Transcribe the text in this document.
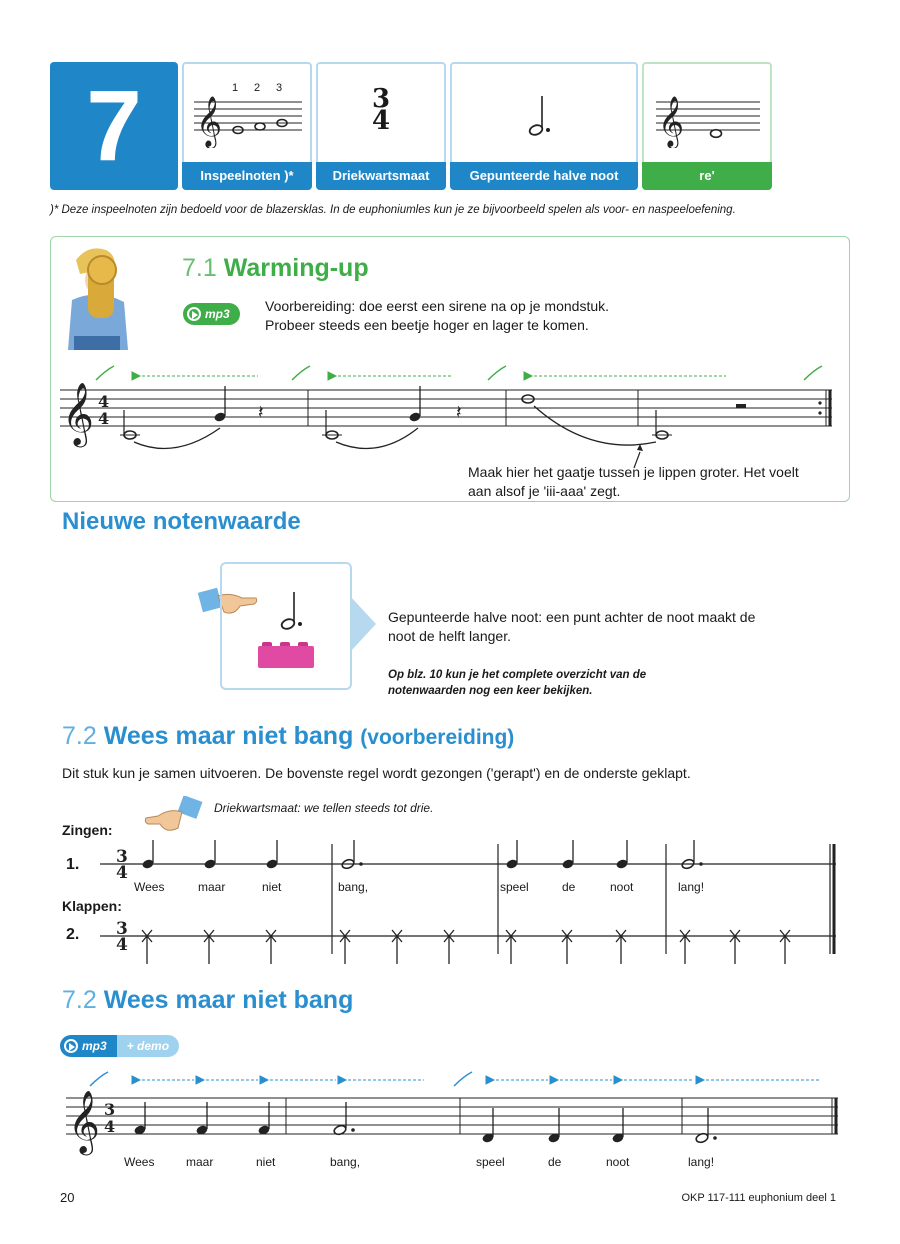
7	𝄞
1 2 3
Inspeelnoten )*
3
4
Driekwartsmaat	Gepunteerde halve noot
𝄞
re'
)* Deze inspeelnoten zijn bedoeld voor de blazersklas. In de euphoniumles kun je ze bijvoorbeeld spelen als voor- en naspeeloefening.
7.1 Warming-up
mp3	Voorbereiding: doe eerst een sirene na op je mondstuk.
Probeer steeds een beetje hoger en lager te komen.
𝄞 4
4	𝄽	𝄽
Maak hier het gaatje tussen je lippen groter. Het voelt
aan alsof je 'iii-aaa' zegt.
Nieuwe notenwaarde
Gepunteerde halve noot: een punt achter de noot maakt de
noot de helft langer.
Op blz. 10 kun je het complete overzicht van de
notenwaarden nog een keer bekijken.
7.2 Wees maar niet bang (voorbereiding)
Dit stuk kun je samen uitvoeren. De bovenste regel wordt gezongen ('gerapt') en de onderste geklapt.
Driekwartsmaat: we tellen steeds tot drie.
Zingen:
1.
Klappen:
2.
3
4
3
4
Wees	maar	niet	bang,	speel	de	noot	lang!
7.2 Wees maar niet bang
mp3	+ demo
𝄞 3
4
Wees	maar	niet	bang,	speel	de	noot	lang!
20	OKP 117-111 euphonium deel 1
